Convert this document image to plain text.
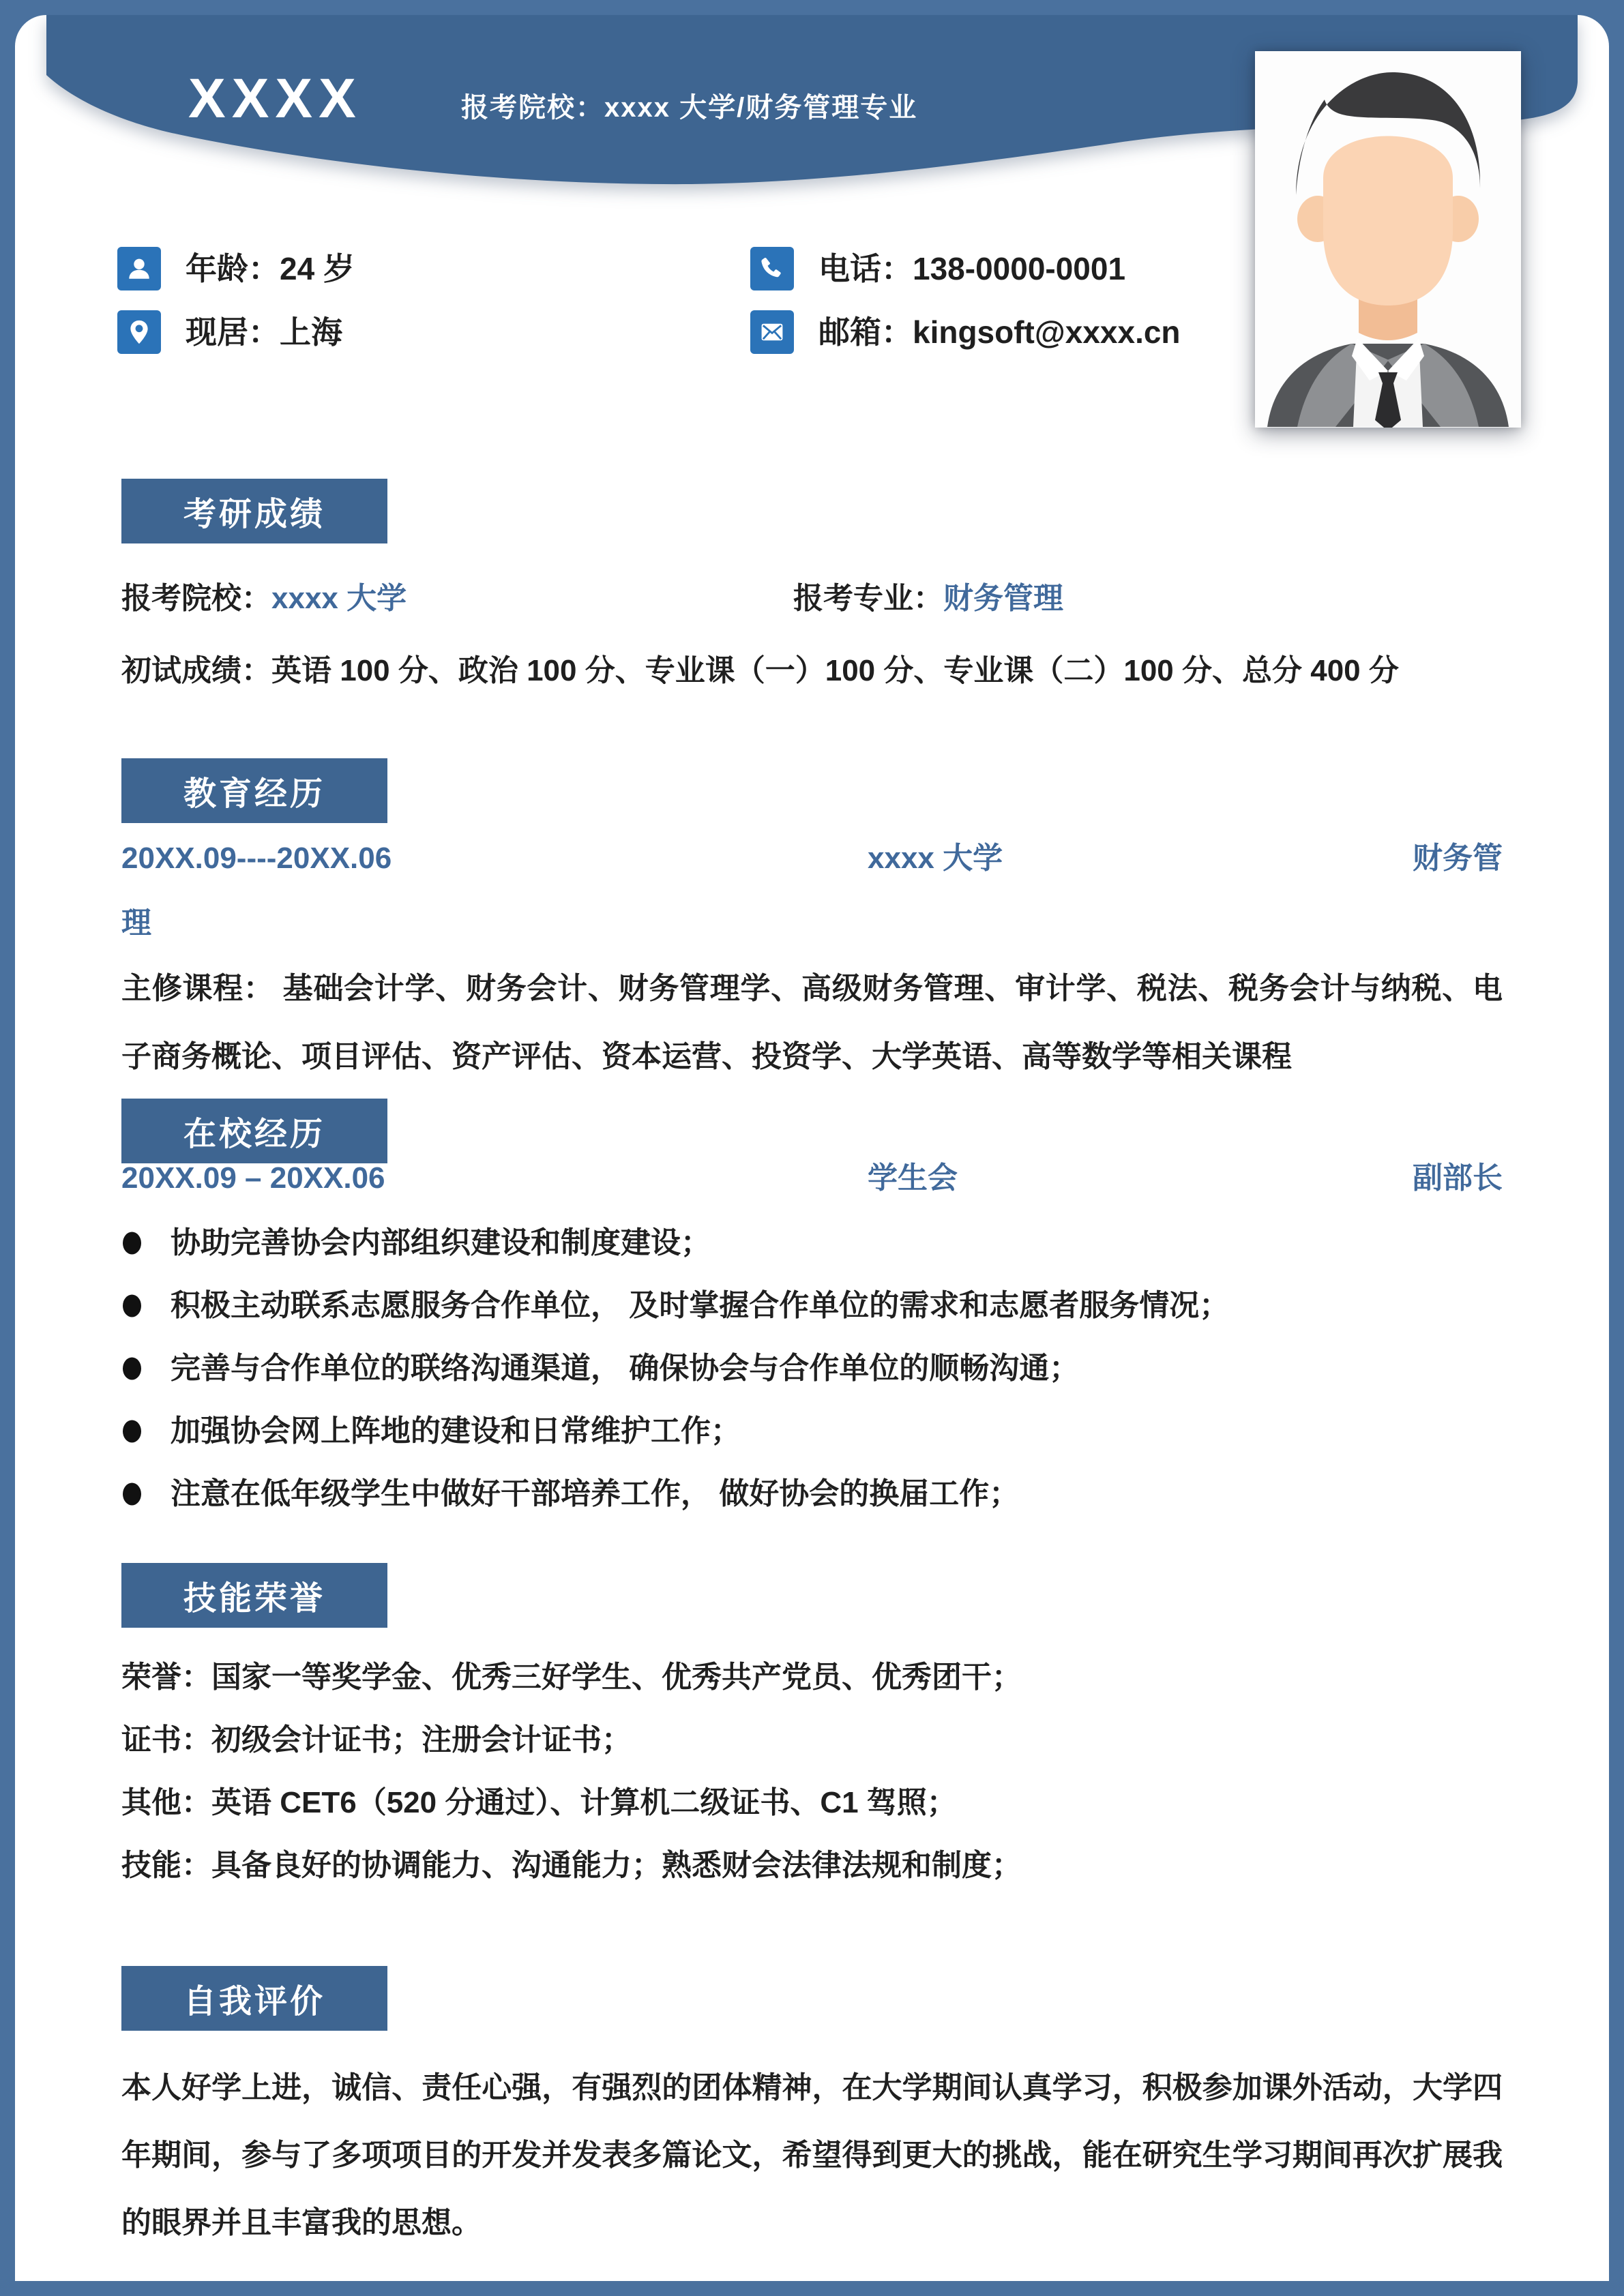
XXXX	报考院校：xxxx 大学/财务管理专业
年龄：24 岁
现居：上海
电话：138-0000-0001
邮箱：kingsoft@xxxx.cn
考研成绩
报考院校：xxxx 大学	报考专业：财务管理
初试成绩：英语 100 分、政治 100 分、专业课（一）100 分、专业课（二）100 分、总分 400 分
教育经历
20XX.09----20XX.06	xxxx 大学	财务管
理

主修课程： 基础会计学、财务会计、财务管理学、高级财务管理、审计学、税法、税务会计与纳税、电子商务概论、项目评估、资产评估、资本运营、投资学、大学英语、高等数学等相关课程

在校经历
20XX.09 – 20XX.06	学生会	副部长
协助完善协会内部组织建设和制度建设；
积极主动联系志愿服务合作单位， 及时掌握合作单位的需求和志愿者服务情况；
完善与合作单位的联络沟通渠道， 确保协会与合作单位的顺畅沟通；
加强协会网上阵地的建设和日常维护工作；
注意在低年级学生中做好干部培养工作， 做好协会的换届工作；
技能荣誉

荣誉：国家一等奖学金、优秀三好学生、优秀共产党员、优秀团干；

证书：初级会计证书；注册会计证书；

其他：英语 CET6（520 分通过）、计算机二级证书、C1 驾照；

技能：具备良好的协调能力、沟通能力；熟悉财会法律法规和制度；

自我评价

本人好学上进，诚信、责任心强，有强烈的团体精神，在大学期间认真学习，积极参加课外活动，大学四年期间，参与了多项项目的开发并发表多篇论文，希望得到更大的挑战，能在研究生学习期间再次扩展我的眼界并且丰富我的思想。
